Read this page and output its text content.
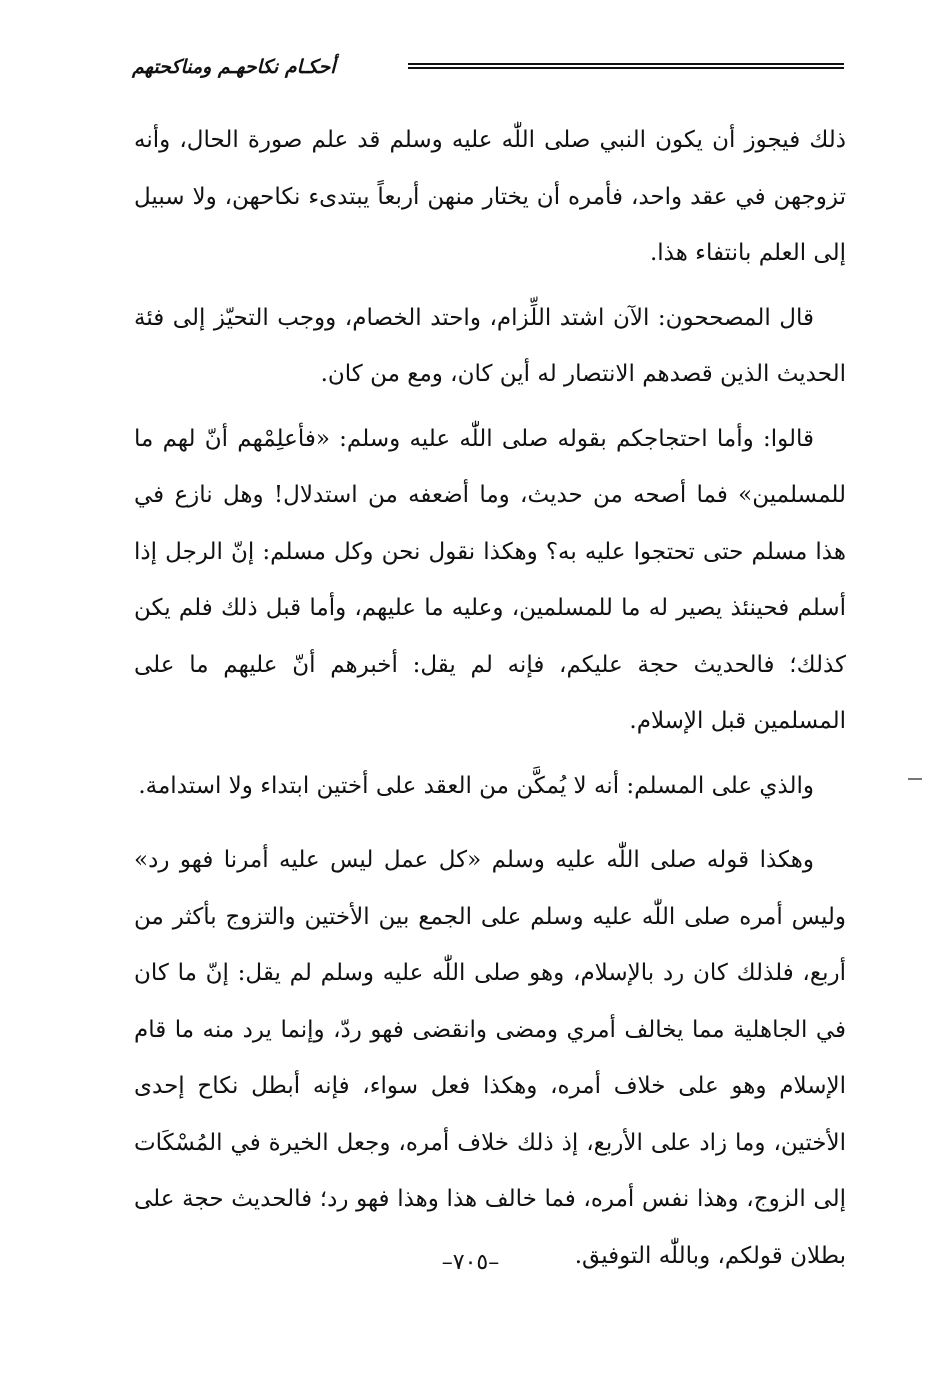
أحكـام نكاحهـم ومناكحتهم

ذلك فيجوز أن يكون النبي صلى اللّٰه عليه وسلم قد علم صورة الحال، وأنه تزوجهن في عقد واحد، فأمره أن يختار منهن أربعاً يبتدىء نكاحهن، ولا سبيل إلى العلم بانتفاء هذا.

قال المصححون: الآن اشتد اللِّزام، واحتد الخصام، ووجب التحيّز إلى فئة الحديث الذين قصدهم الانتصار له أين كان، ومع من كان.

قالوا: وأما احتجاجكم بقوله صلى اللّٰه عليه وسلم: «فأعلِمْهم أنّ لهم ما للمسلمين» فما أصحه من حديث، وما أضعفه من استدلال! وهل نازع في هذا مسلم حتى تحتجوا عليه به؟ وهكذا نقول نحن وكل مسلم: إنّ الرجل إذا أسلم فحينئذ يصير له ما للمسلمين، وعليه ما عليهم، وأما قبل ذلك فلم يكن كذلك؛ فالحديث حجة عليكم، فإنه لم يقل: أخبرهم أنّ عليهم ما على المسلمين قبل الإسلام.

والذي على المسلم: أنه لا يُمكَّن من العقد على أختين ابتداء ولا استدامة.

وهكذا قوله صلى اللّٰه عليه وسلم «كل عمل ليس عليه أمرنا فهو رد» وليس أمره صلى اللّٰه عليه وسلم على الجمع بين الأختين والتزوج بأكثر من أربع، فلذلك كان رد بالإسلام، وهو صلى اللّٰه عليه وسلم لم يقل: إنّ ما كان في الجاهلية مما يخالف أمري ومضى وانقضى فهو ردّ، وإنما يرد منه ما قام الإسلام وهو على خلاف أمره، وهكذا فعل سواء، فإنه أبطل نكاح إحدى الأختين، وما زاد على الأربع، إذ ذلك خلاف أمره، وجعل الخيرة في المُسْكَات إلى الزوج، وهذا نفس أمره، فما خالف هذا وهذا فهو رد؛ فالحديث حجة على بطلان قولكم، وباللّٰه التوفيق.

–٧٠٥–
